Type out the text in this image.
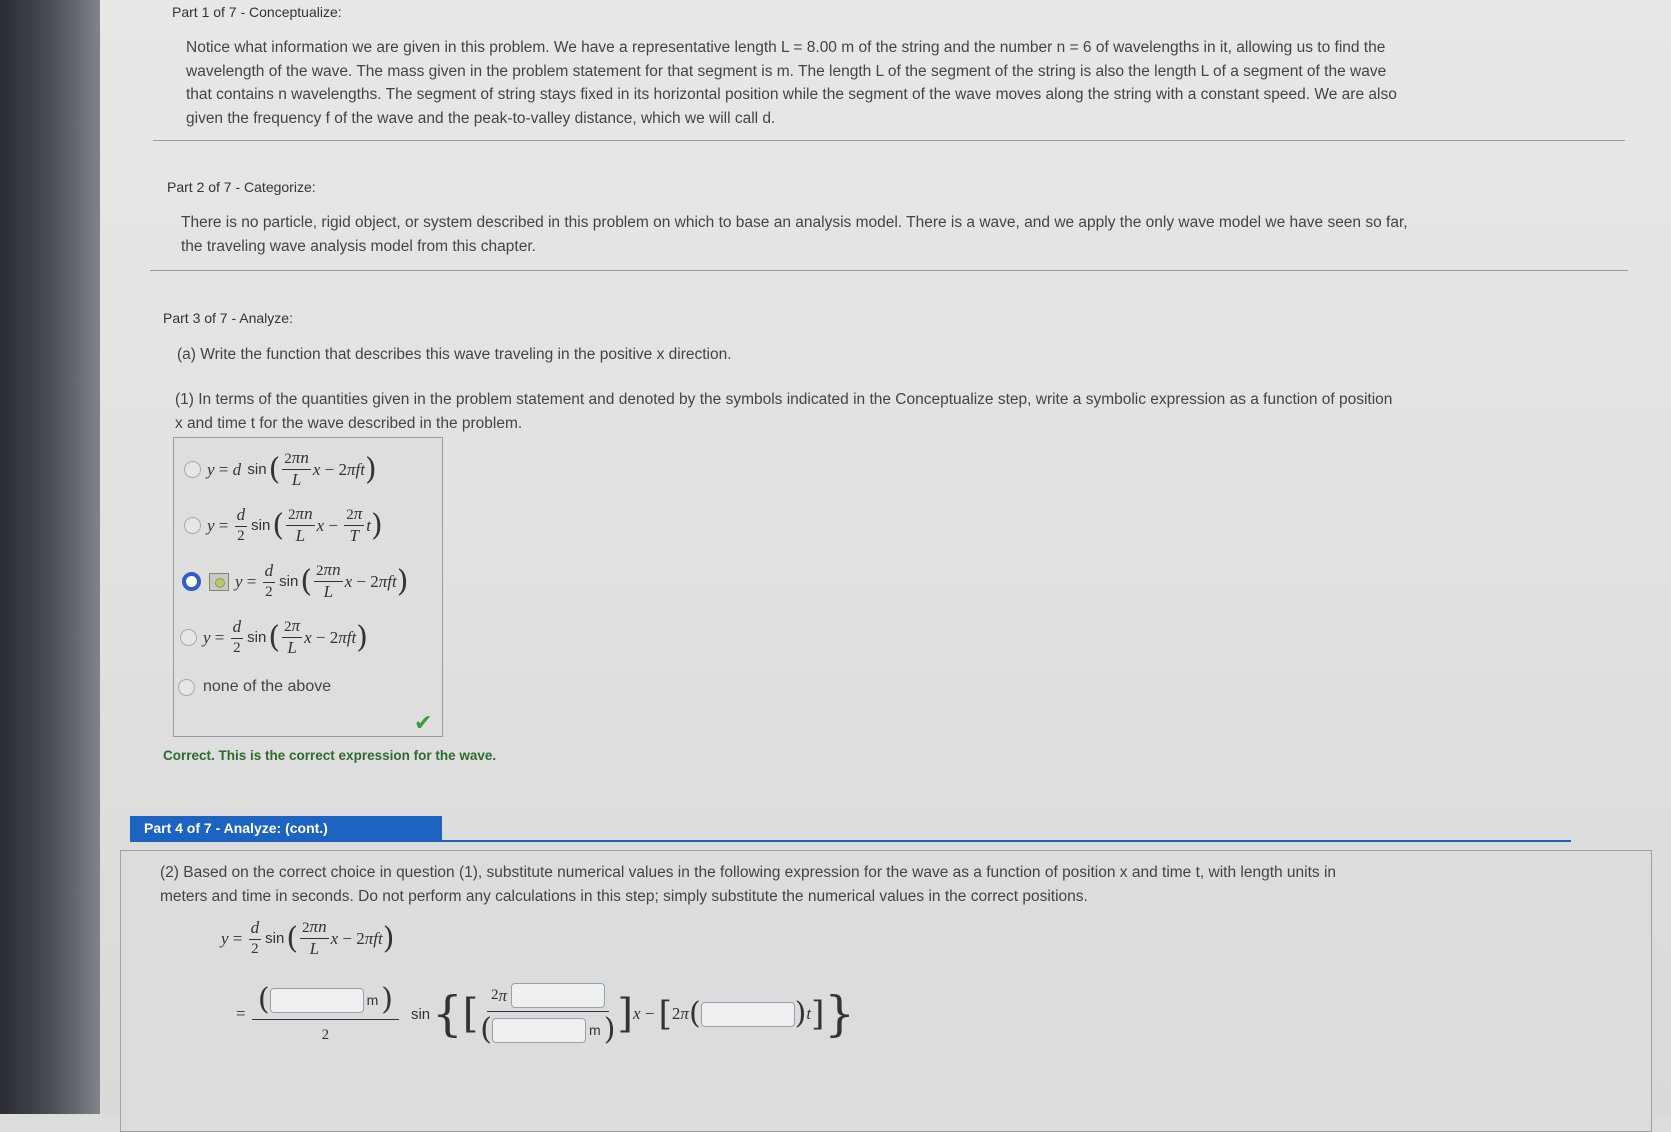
Part 1 of 7 - Conceptualize:
Notice what information we are given in this problem. We have a representative length L = 8.00 m of the string and the number n = 6 of wavelengths in it, allowing us to find the
wavelength of the wave. The mass given in the problem statement for that segment is m. The length L of the segment of the string is also the length L of a segment of the wave
that contains n wavelengths. The segment of string stays fixed in its horizontal position while the segment of the wave moves along the string with a constant speed. We are also
given the frequency f of the wave and the peak-to-valley distance, which we will call d.
Part 2 of 7 - Categorize:
There is no particle, rigid object, or system described in this problem on which to base an analysis model. There is a wave, and we apply the only wave model we have seen so far,
the traveling wave analysis model from this chapter.
Part 3 of 7 - Analyze:
(a) Write the function that describes this wave traveling in the positive x direction.
(1) In terms of the quantities given in the problem statement and denoted by the symbols indicated in the Conceptualize step, write a symbolic expression as a function of position
x and time t for the wave described in the problem.
y = d
sin ( $\frac{2\pi n}{L}$ x − 2 πft )
$y = \frac{d}{2}$ sin ( $\frac{2\pi n}{L}$ $x - \frac{2\pi}{T}$ t )
$y = \frac{d}{2}$ sin ( $\frac{2\pi n}{L}$ x − 2 πft )
$y = \frac{d}{2}$ sin ( $\frac{2\pi}{L}$ x − 2 πft )
none of the above
✔
Correct. This is the correct expression for the wave.
Part 4 of 7 - Analyze: (cont.)
(2) Based on the correct choice in question (1), substitute numerical values in the following expression for the wave as a function of position x and time t, with length units in
meters and time in seconds. Do not perform any calculations in this step; simply substitute the numerical values in the correct positions.
$y = \frac{d}{2}$ sin ( $\frac{2\pi n}{L}$ x − 2 πft )
= (	m )
2 sin { [ 2 π

(	m ) ] x − [ 2 π (	) t ] }
